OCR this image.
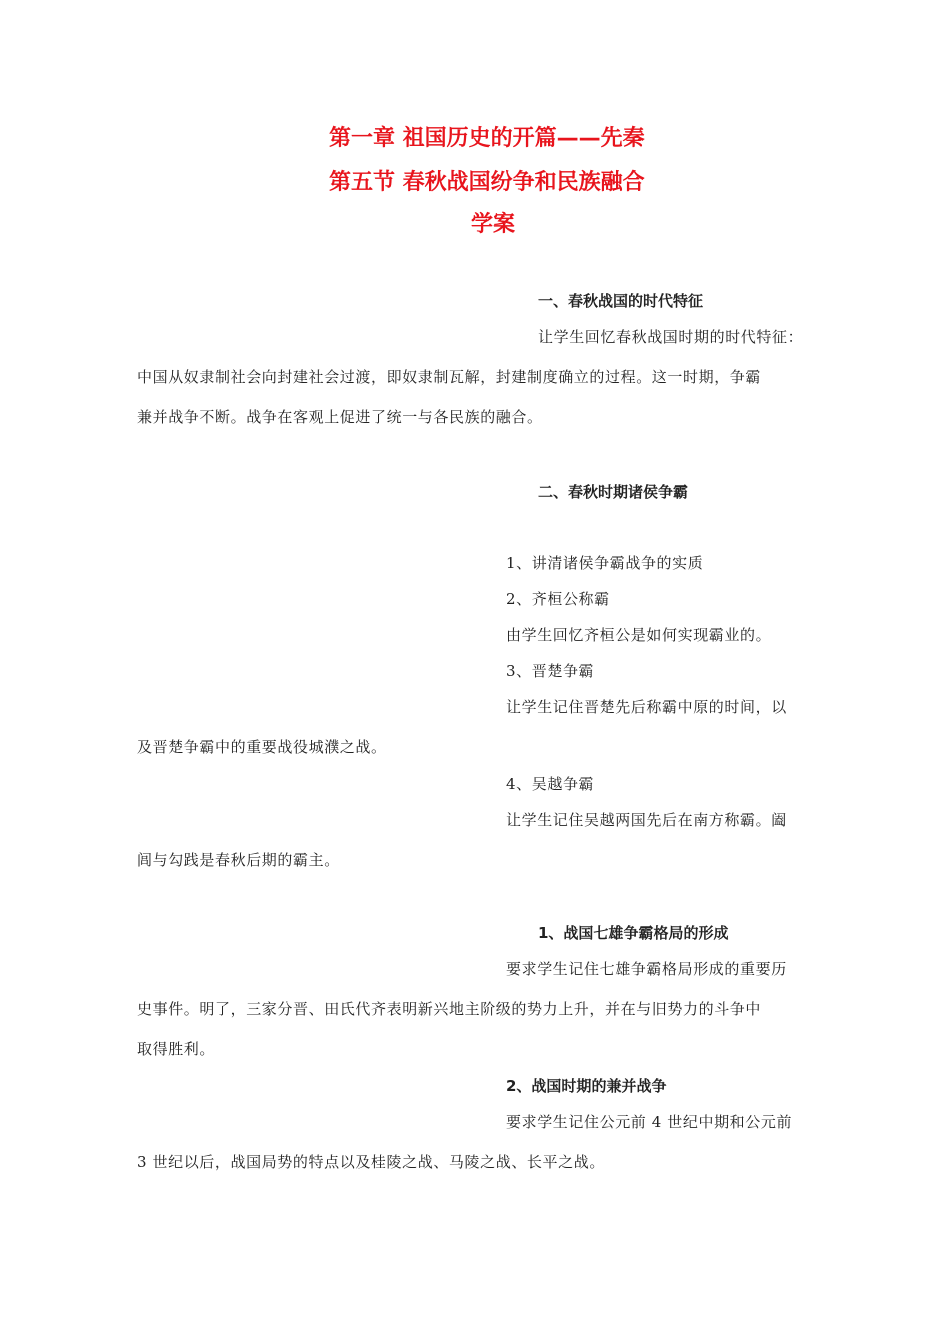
第一章 祖国历史的开篇——先秦
第五节 春秋战国纷争和民族融合
学案
一、春秋战国的时代特征
让学生回忆春秋战国时期的时代特征：
中国从奴隶制社会向封建社会过渡，即奴隶制瓦解，封建制度确立的过程。这一时期，争霸
兼并战争不断。战争在客观上促进了统一与各民族的融合。
二、春秋时期诸侯争霸
1、讲清诸侯争霸战争的实质
2、齐桓公称霸
由学生回忆齐桓公是如何实现霸业的。
3、晋楚争霸
让学生记住晋楚先后称霸中原的时间，以
及晋楚争霸中的重要战役城濮之战。
4、吴越争霸
让学生记住吴越两国先后在南方称霸。阖
闾与勾践是春秋后期的霸主。
1、战国七雄争霸格局的形成
要求学生记住七雄争霸格局形成的重要历
史事件。明了，三家分晋、田氏代齐表明新兴地主阶级的势力上升，并在与旧势力的斗争中
取得胜利。
2、战国时期的兼并战争
要求学生记住公元前 4 世纪中期和公元前
3 世纪以后，战国局势的特点以及桂陵之战、马陵之战、长平之战。
